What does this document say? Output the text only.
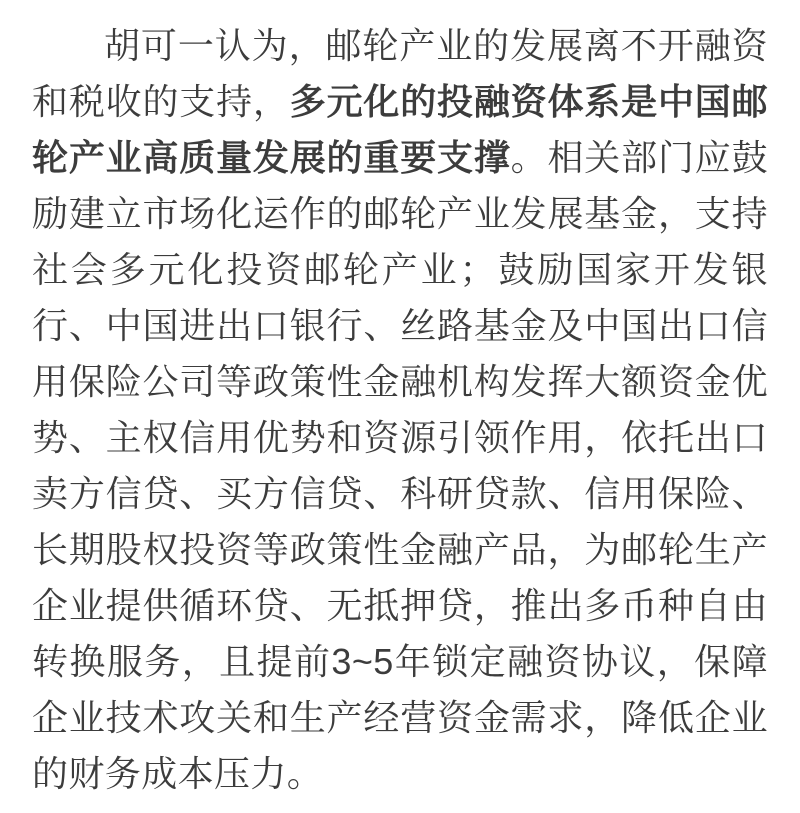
胡可一认为，邮轮产业的发展离不开融资和税收的支持，多元化的投融资体系是中国邮轮产业高质量发展的重要支撑。相关部门应鼓励建立市场化运作的邮轮产业发展基金，支持社会多元化投资邮轮产业；鼓励国家开发银行、中国进出口银行、丝路基金及中国出口信用保险公司等政策性金融机构发挥大额资金优势、主权信用优势和资源引领作用，依托出口卖方信贷、买方信贷、科研贷款、信用保险、长期股权投资等政策性金融产品，为邮轮生产企业提供循环贷、无抵押贷，推出多币种自由转换服务，且提前3~5年锁定融资协议，保障企业技术攻关和生产经营资金需求，降低企业的财务成本压力。
